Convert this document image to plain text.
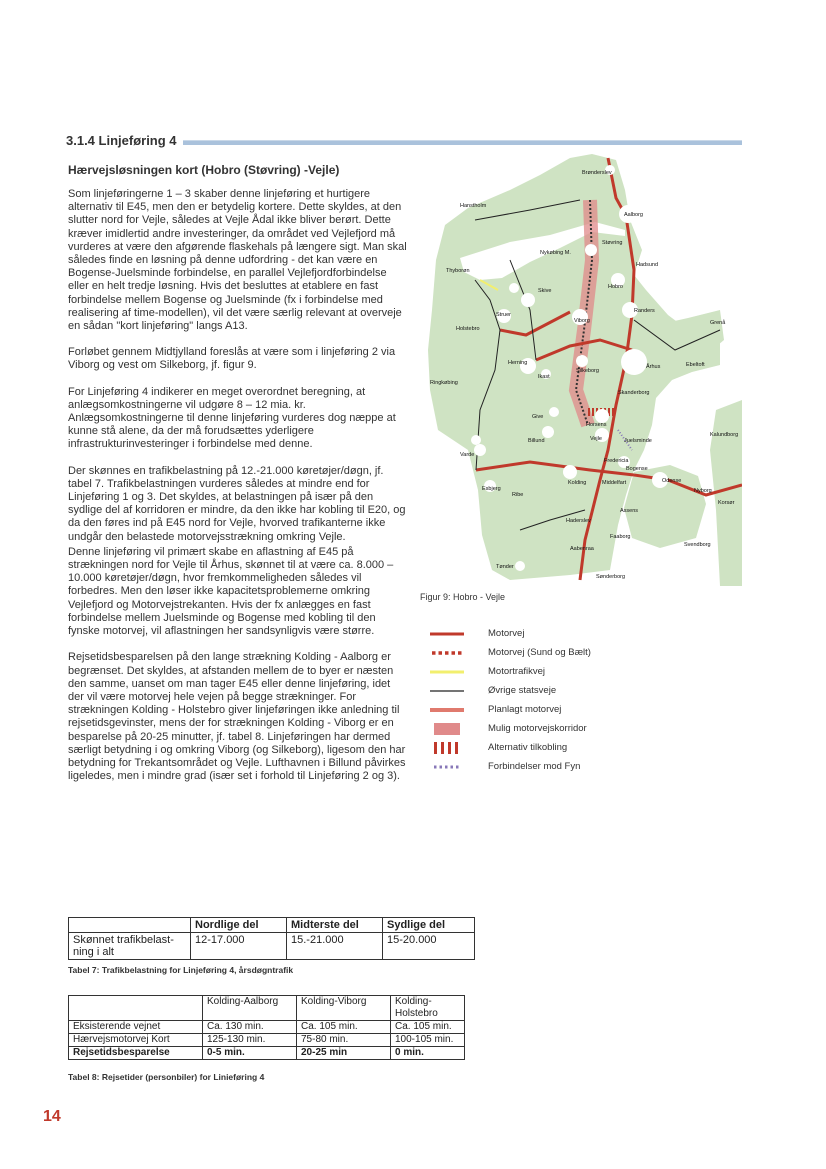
3.1.4 Linjeføring 4
Hærvejsløsningen kort (Hobro (Støvring) -Vejle)

Som linjeføringerne 1 – 3 skaber denne linjeføring et hurtigere alternativ til E45, men den er betydelig kortere. Dette skyldes, at den slutter nord for Vejle, således at Vejle Ådal ikke bliver berørt. Dette kræver imidlertid andre investeringer, da området ved Vejlefjord må vurderes at være den afgørende flaskehals på længere sigt. Man skal således finde en løsning på denne udfordring - det kan være en Bogense-Juelsminde forbindelse, en parallel Vejlefjordforbindelse eller en helt tredje løsning. Hvis det besluttes at etablere en fast forbindelse mellem Bogense og Juelsminde (fx i forbindelse med realisering af time-modellen), vil det være særlig relevant at overveje en sådan "kort linjeføring" langs A13.

Forløbet gennem Midtjylland foreslås at være som i linjeføring 2 via Viborg og vest om Silkeborg, jf. figur 9.

For Linjeføring 4 indikerer en meget overordnet beregning, at anlægsomkostningerne vil udgøre 8 – 12 mia. kr. Anlægsomkostningerne til denne linjeføring vurderes dog næppe at kunne stå alene, da der må forudsættes yderligere infrastrukturinvesteringer i forbindelse med denne.

Der skønnes en trafikbelastning på 12.-21.000 køretøjer/døgn, jf. tabel 7. Trafikbelastningen vurderes således at mindre end for Linjeføring 1 og 3. Det skyldes, at belastningen på især på den sydlige del af korridoren er mindre, da den ikke har kobling til E20, og da den føres ind på E45 nord for Vejle, hvorved trafikanterne ikke undgår den belastede motorvejsstrækning omkring Vejle.

Denne linjeføring vil primært skabe en aflastning af E45 på strækningen nord for Vejle til Århus, skønnet til at være ca. 8.000 – 10.000 køretøjer/døgn, hvor fremkommeligheden således vil forbedres. Men den løser ikke kapacitetsproblemerne omkring Vejlefjord og Motorvejstrekanten. Hvis der fx anlægges en fast forbindelse mellem Juelsminde og Bogense med kobling til den fynske motorvej, vil aflastningen her sandsynligvis være større.

Rejsetidsbesparelsen på den lange strækning Kolding - Aalborg er begrænset. Det skyldes, at afstanden mellem de to byer er næsten den samme, uanset om man tager E45 eller denne linjeføring, idet der vil være motorvej hele vejen på begge strækninger. For strækningen Kolding - Holstebro giver linjeføringen ikke anledning til rejsetidsgevinster, mens der for strækningen Kolding - Viborg er en besparelse på 20-25 minutter, jf. tabel 8. Linjeføringen har dermed særligt betydning i og omkring Viborg (og Silkeborg), ligesom den har betydning for Trekantsområdet og Vejle. Lufthavnen i Billund påvirkes ligeledes, men i mindre grad (især set i forhold til Linjeføring 2 og 3).

Brønderslev
Hanstholm
Aalborg
Støvring
Nykøbing M.
Hadsund
Thyborøn
Hobro
Skive
Struer
Randers
Grenå
Holstebro
Viborg
Herning
Ikast
Århus	Ebeltoft
Ringkøbing
Silkeborg
Skanderborg
Give
Horsens
Kalundborg
Billund	Vejle	Juelsminde
Varde
Fredericia
Bogense
Esbjerg
Kolding	Middelfart	Odense
Nyborg
Korsør
Ribe
Assens
Haderslev
Faaborg
Svendborg
Aabenraa
Tønder
Sønderborg
Figur 9: Hobro - Vejle
Motorvej
Motorvej (Sund og Bælt)
Motortrafikvej
Øvrige statsveje
Planlagt motorvej
Mulig motorvejskorridor
Alternativ tilkobling
Forbindelser mod Fyn
	Nordlige del	Midterste del	Sydlige del
Skønnet trafikbelast-ning i alt	12-17.000	15.-21.000	15-20.000
Tabel 7: Trafikbelastning for Linjeføring 4, årsdøgntrafik
	Kolding-Aalborg	Kolding-Viborg	Kolding-Holstebro
Eksisterende vejnet	Ca. 130 min.	Ca. 105 min.	Ca. 105 min.
Hærvejsmotorvej Kort	125-130 min.	75-80 min.	100-105 min.
Rejsetidsbesparelse	0-5 min.	20-25 min	0 min.
Tabel 8: Rejsetider (personbiler) for Linieføring 4
14
